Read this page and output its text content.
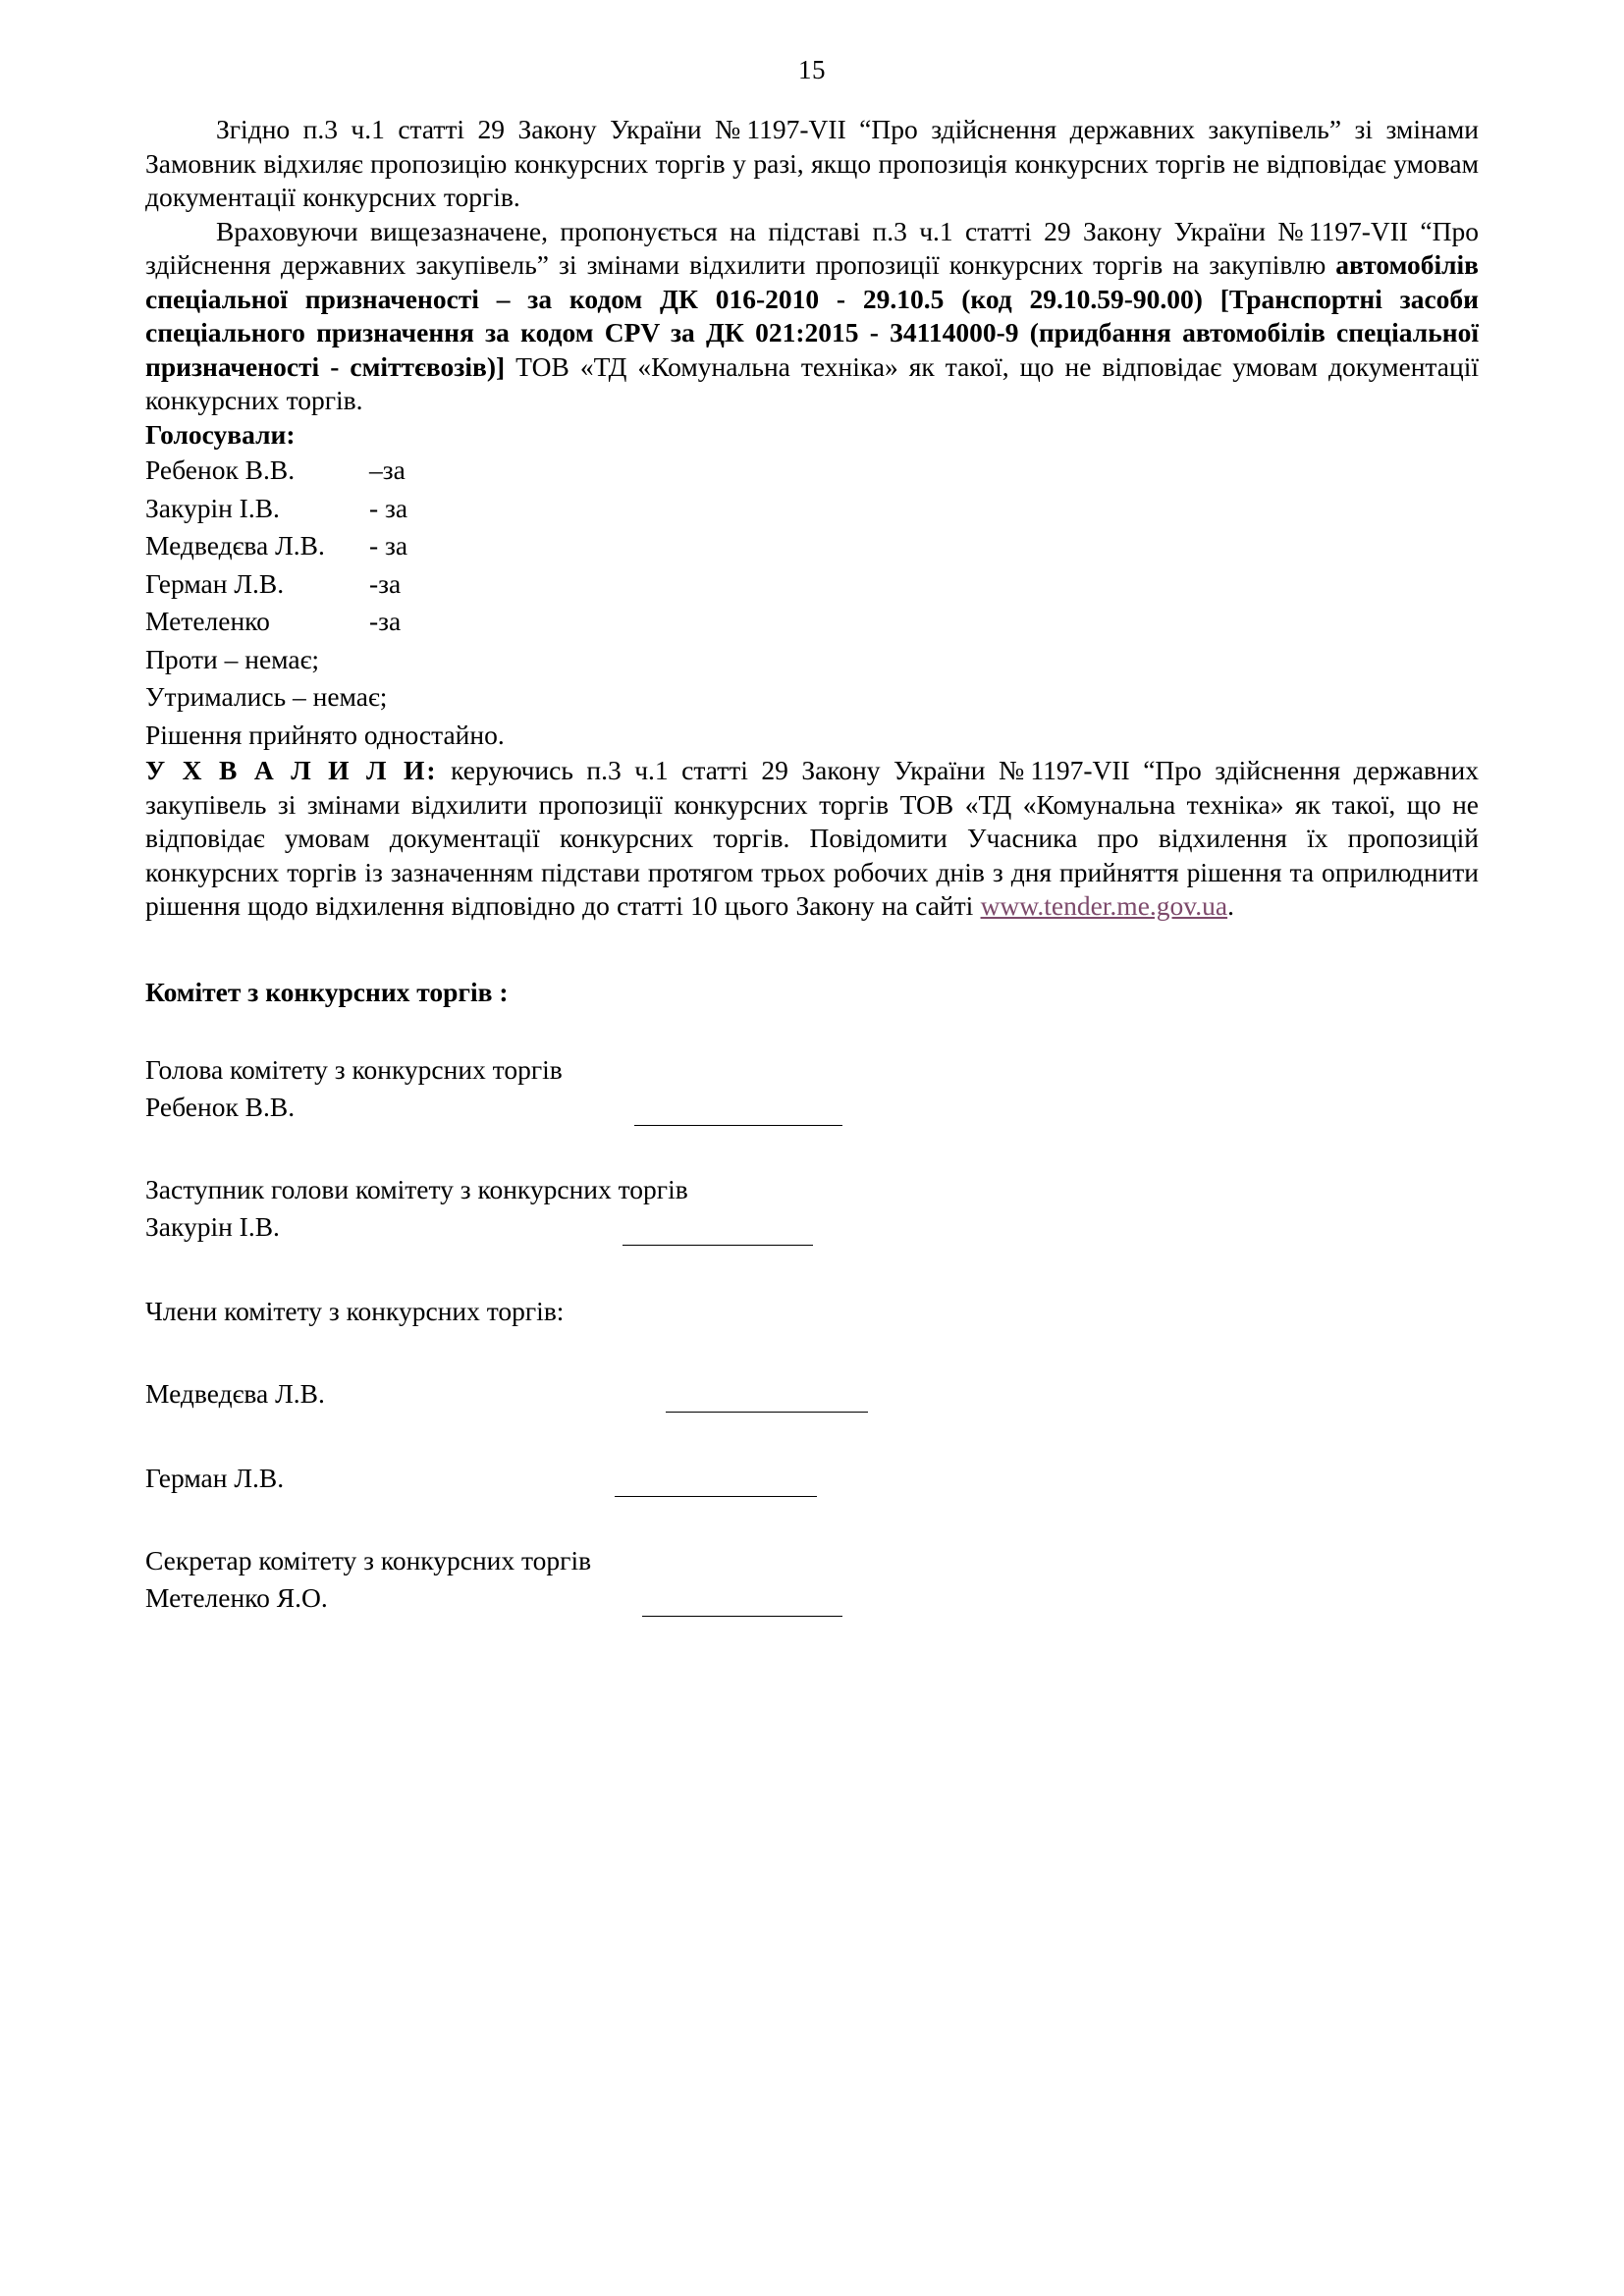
15

Згідно п.3 ч.1 статті 29 Закону України №1197-VII “Про здійснення державних закупівель” зі змінами Замовник відхиляє пропозицію конкурсних торгів у разі, якщо пропозиція конкурсних торгів не відповідає умовам документації конкурсних торгів.

Враховуючи вищезазначене, пропонується на підставі п.3 ч.1 статті 29 Закону України №1197-VII “Про здійснення державних закупівель” зі змінами відхилити пропозиції конкурсних торгів на закупівлю автомобілів спеціальної призначеності – за кодом ДК 016-2010 - 29.10.5 (код 29.10.59-90.00) [Транспортні засоби спеціального призначення за кодом CPV за ДК 021:2015 - 34114000-9 (придбання автомобілів спеціальної призначеності - сміттєвозів)] ТОВ «ТД «Комунальна техніка» як такої, що не відповідає умовам документації конкурсних торгів.

Голосували:

Ребенок В.В.	–за

Закурін І.В.	- за

Медведєва Л.В. - за

Герман Л.В.	-за

Метеленко	-за

Проти – немає;

Утримались – немає;

Рішення прийнято одностайно.

У Х В А Л И Л И: керуючись п.3 ч.1 статті 29 Закону України №1197-VII “Про здійснення державних закупівель зі змінами відхилити пропозиції конкурсних торгів ТОВ «ТД «Комунальна техніка» як такої, що не відповідає умовам документації конкурсних торгів. Повідомити Учасника про відхилення їх пропозицій конкурсних торгів із зазначенням підстави протягом трьох робочих днів з дня прийняття рішення та оприлюднити рішення щодо відхилення відповідно до статті 10 цього Закону на сайті www.tender.me.gov.ua.

Комітет з конкурсних торгів :

Голова комітету з конкурсних торгів

Ребенок В.В.

Заступник голови комітету з конкурсних торгів

Закурін І.В.

Члени комітету з конкурсних торгів:

Медведєва Л.В.
Герман Л.В.

Секретар комітету з конкурсних торгів

Метеленко Я.О.
